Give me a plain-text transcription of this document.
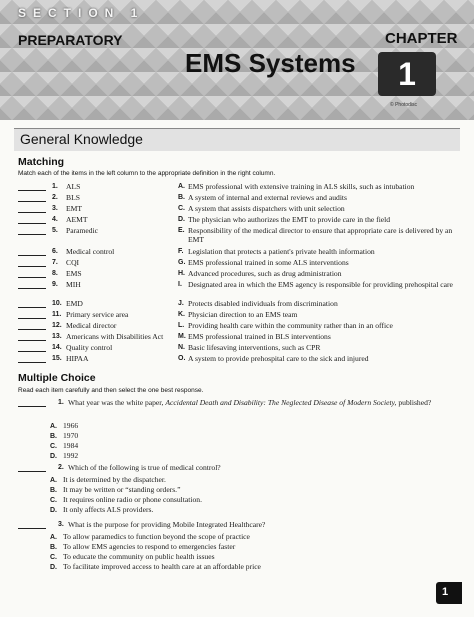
SECTION 1
PREPARATORY
EMS Systems
CHAPTER
1
© Photodisc
General Knowledge
Matching
Match each of the items in the left column to the appropriate definition in the right column.
1. ALS	A. EMS professional with extensive training in ALS skills, such as intubation
2. BLS	B. A system of internal and external reviews and audits
3. EMT	C. A system that assists dispatchers with unit selection
4. AEMT	D. The physician who authorizes the EMT to provide care in the field
5. Paramedic	E. Responsibility of the medical director to ensure that appropriate care is delivered by an EMT
6. Medical control	F. Legislation that protects a patient's private health information
7. CQI	G. EMS professional trained in some ALS interventions
8. EMS	H. Advanced procedures, such as drug administration
9. MIH	I. Designated area in which the EMS agency is responsible for providing prehospital care
10. EMD	J. Protects disabled individuals from discrimination
11. Primary service area	K. Physician direction to an EMS team
12. Medical director	L. Providing health care within the community rather than in an office
13. Americans with Disabilities Act M. EMS professional trained in BLS interventions
14. Quality control	N. Basic lifesaving interventions, such as CPR
15. HIPAA	O. A system to provide prehospital care to the sick and injured
Multiple Choice
Read each item carefully and then select the one best response.
1. What year was the white paper, Accidental Death and Disability: The Neglected Disease of Modern Society, published?
A. 1966
B. 1970
C. 1984
D. 1992
2. Which of the following is true of medical control?
A. It is determined by the dispatcher.
B. It may be written or “standing orders.”
C. It requires online radio or phone consultation.
D. It only affects ALS providers.
3. What is the purpose for providing Mobile Integrated Healthcare?
A. To allow paramedics to function beyond the scope of practice
B. To allow EMS agencies to respond to emergencies faster
C. To educate the community on public health issues
D. To facilitate improved access to health care at an affordable price
1
